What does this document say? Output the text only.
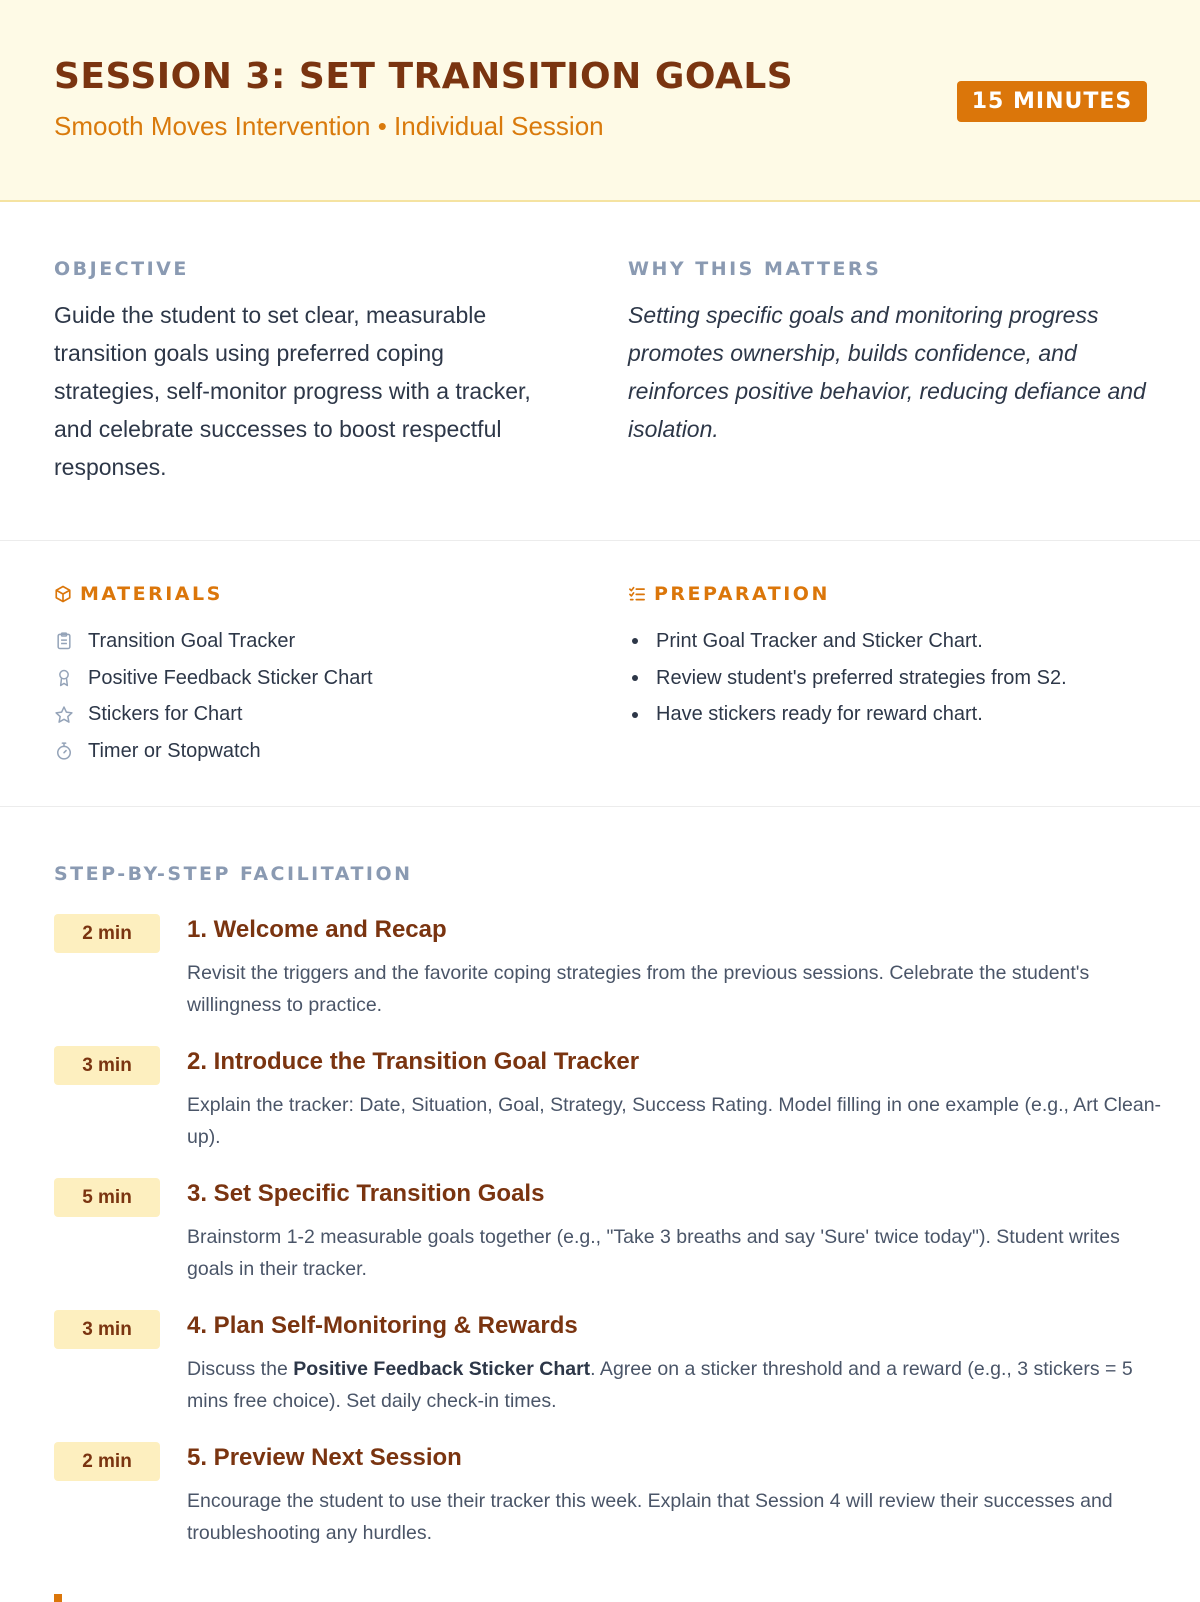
SESSION 3: SET TRANSITION GOALS
Smooth Moves Intervention • Individual Session
15 MINUTES
OBJECTIVE

Guide the student to set clear, measurable transition goals using preferred coping strategies, self-monitor progress with a tracker, and celebrate successes to boost respectful responses.

WHY THIS MATTERS

Setting specific goals and monitoring progress promotes ownership, builds confidence, and reinforces positive behavior, reducing defiance and isolation.

MATERIALS
Transition Goal Tracker
Positive Feedback Sticker Chart
Stickers for Chart
Timer or Stopwatch
PREPARATION
Print Goal Tracker and Sticker Chart.
Review student's preferred strategies from S2.
Have stickers ready for reward chart.
STEP-BY-STEP FACILITATION
2 min	1. Welcome and Recap
Revisit the triggers and the favorite coping strategies from the previous sessions. Celebrate the student's willingness to practice.
3 min	2. Introduce the Transition Goal Tracker
Explain the tracker: Date, Situation, Goal, Strategy, Success Rating. Model filling in one example (e.g., Art Clean-up).
5 min	3. Set Specific Transition Goals
Brainstorm 1-2 measurable goals together (e.g., "Take 3 breaths and say 'Sure' twice today"). Student writes goals in their tracker.
3 min	4. Plan Self-Monitoring & Rewards
Discuss the Positive Feedback Sticker Chart. Agree on a sticker threshold and a reward (e.g., 3 stickers = 5 mins free choice). Set daily check-in times.
2 min	5. Preview Next Session
Encourage the student to use their tracker this week. Explain that Session 4 will review their successes and troubleshooting any hurdles.
